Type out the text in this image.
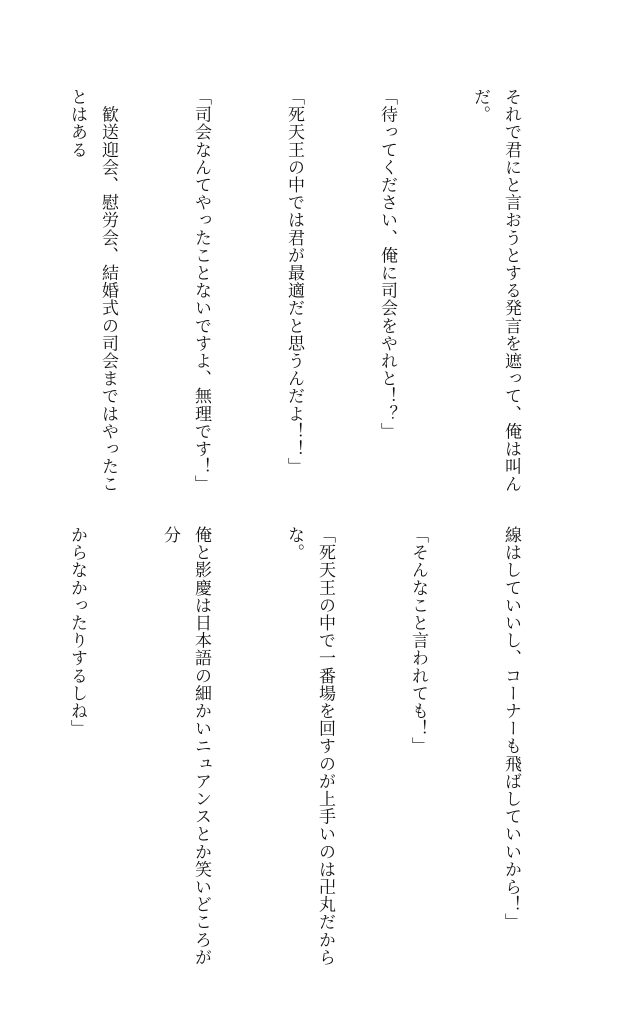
それで君にと言おうとする発言を遮って、俺は叫んだ。

「待ってください、俺に司会をやれと！？」

「死天王の中では君が最適だと思うんだよ！！」

「司会なんてやったことないですよ、無理です！」

　歓送迎会、慰労会、結婚式の司会まではやったことはある

線はしていいし、コーナーも飛ばしていいから！」

「そんなこと言われても！」

「死天王の中で一番場を回すのが上手いのは卍丸だからな。

俺と影慶は日本語の細かいニュアンスとか笑いどころが分

からなかったりするしね」
